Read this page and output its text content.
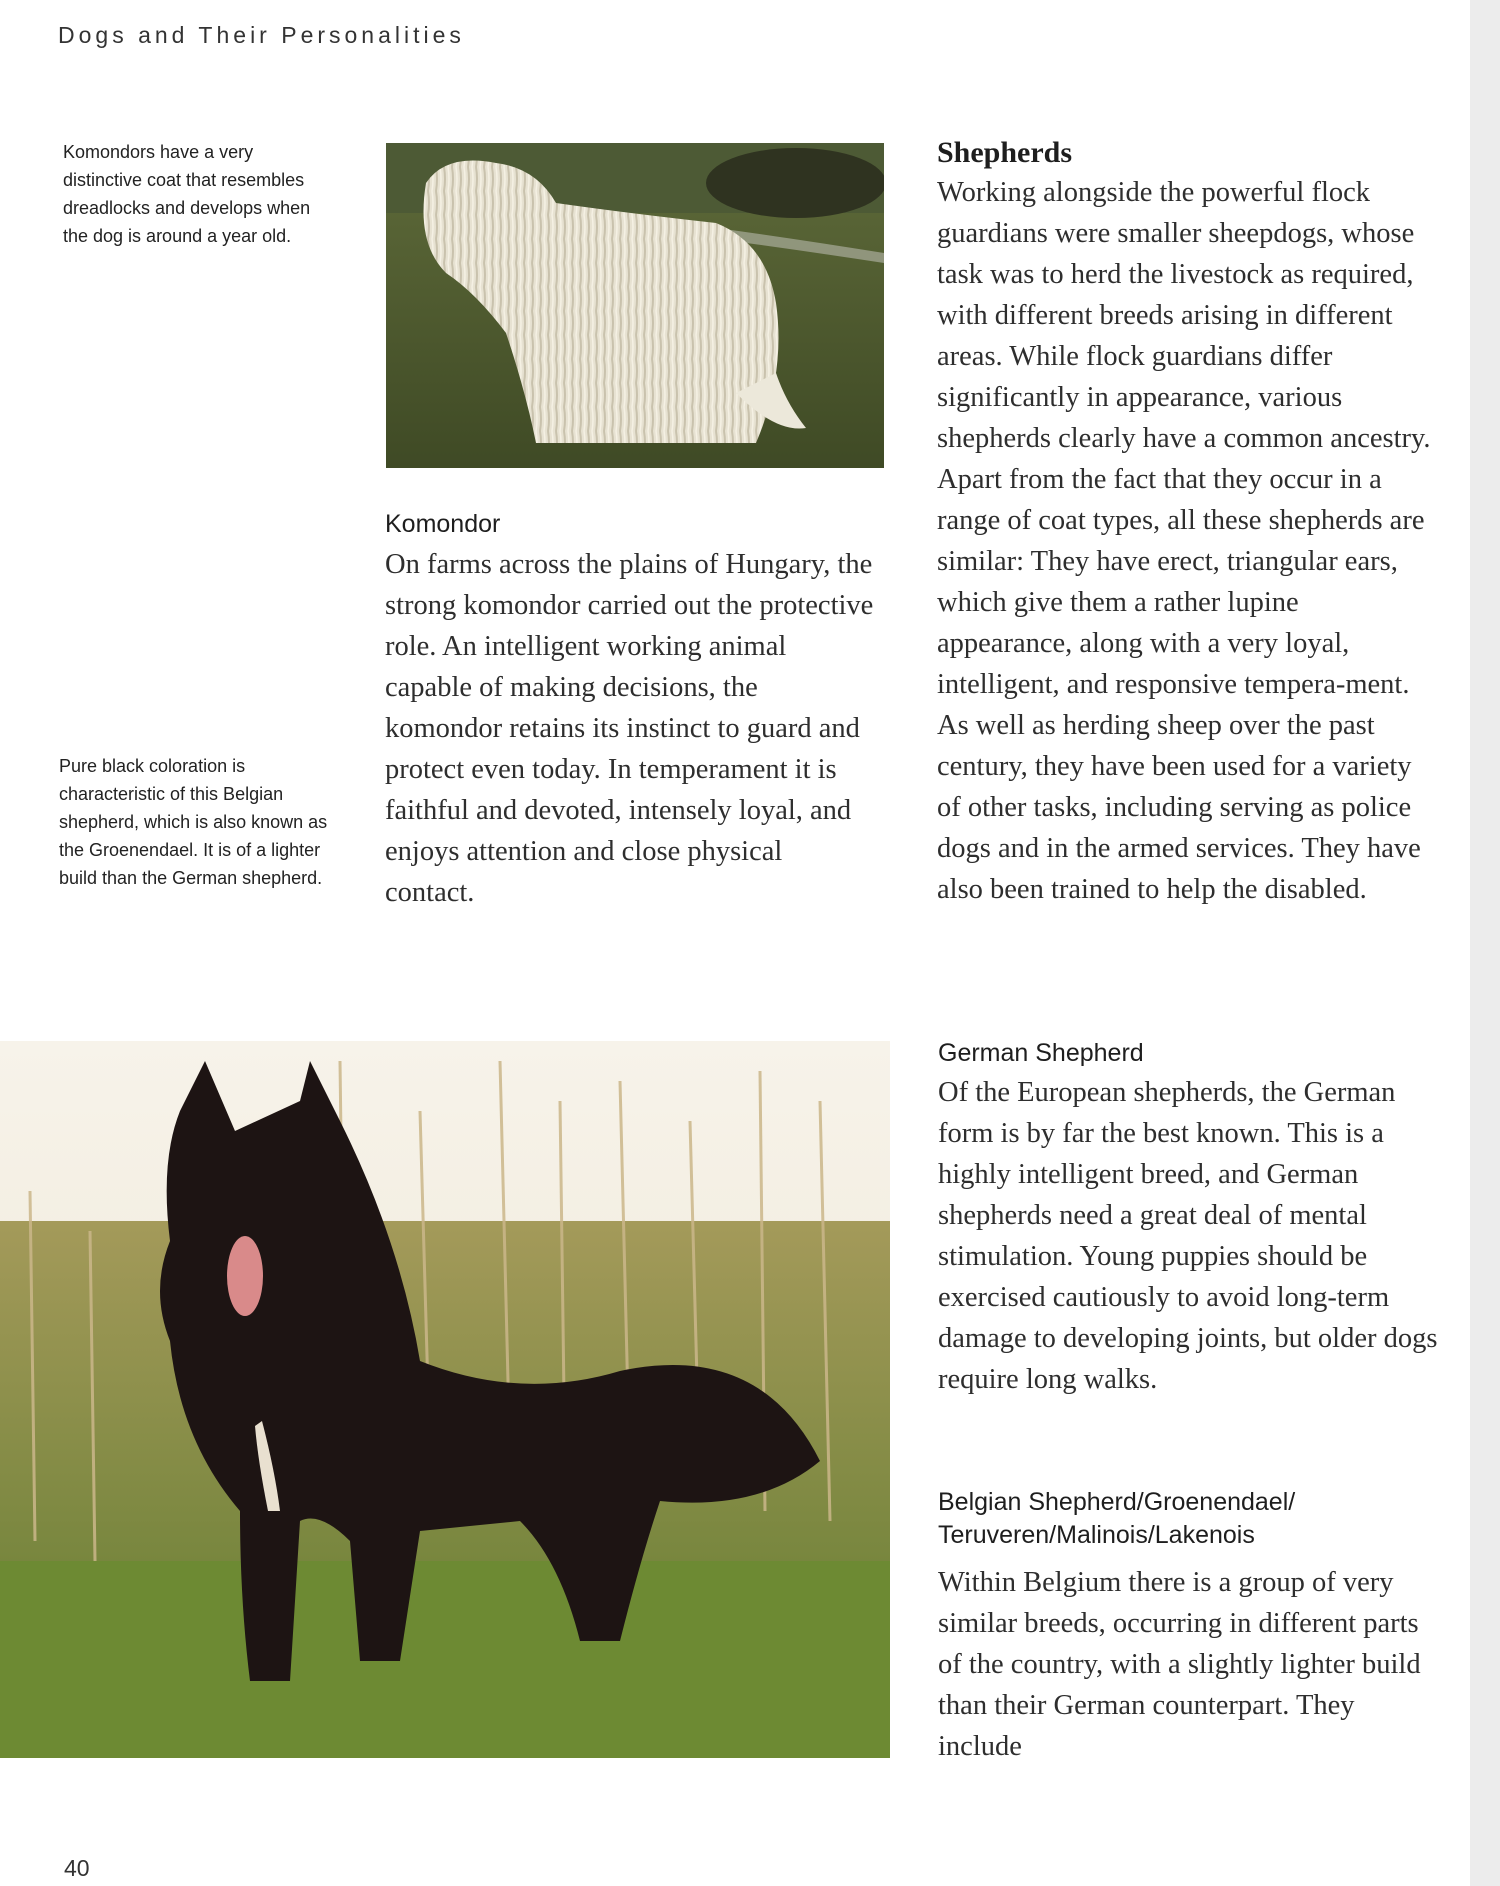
Dogs and Their Personalities
Komondors have a very distinctive coat that resembles dreadlocks and develops when the dog is around a year old.
Pure black coloration is characteristic of this Belgian shepherd, which is also known as the Groenendael. It is of a lighter build than the German shepherd.
Komondor
On farms across the plains of Hungary, the strong komondor carried out the protective role. An intelligent working animal capable of making decisions, the komondor retains its instinct to guard and protect even today. In temperament it is faithful and devoted, intensely loyal, and enjoys attention and close physical contact.
Shepherds
Working alongside the powerful flock guardians were smaller sheepdogs, whose task was to herd the livestock as required, with different breeds arising in different areas. While flock guardians differ significantly in appearance, various shepherds clearly have a common ancestry. Apart from the fact that they occur in a range of coat types, all these shepherds are similar: They have erect, triangular ears, which give them a rather lupine appearance, along with a very loyal, intelligent, and responsive tempera-ment. As well as herding sheep over the past century, they have been used for a variety of other tasks, including serving as police dogs and in the armed services. They have also been trained to help the disabled.
German Shepherd
Of the European shepherds, the German form is by far the best known. This is a highly intelligent breed, and German shepherds need a great deal of mental stimulation. Young puppies should be exercised cautiously to avoid long-term damage to developing joints, but older dogs require long walks.
Belgian Shepherd/Groenendael/ Teruveren/Malinois/Lakenois
Within Belgium there is a group of very similar breeds, occurring in different parts of the country, with a slightly lighter build than their German counterpart. They include
40
